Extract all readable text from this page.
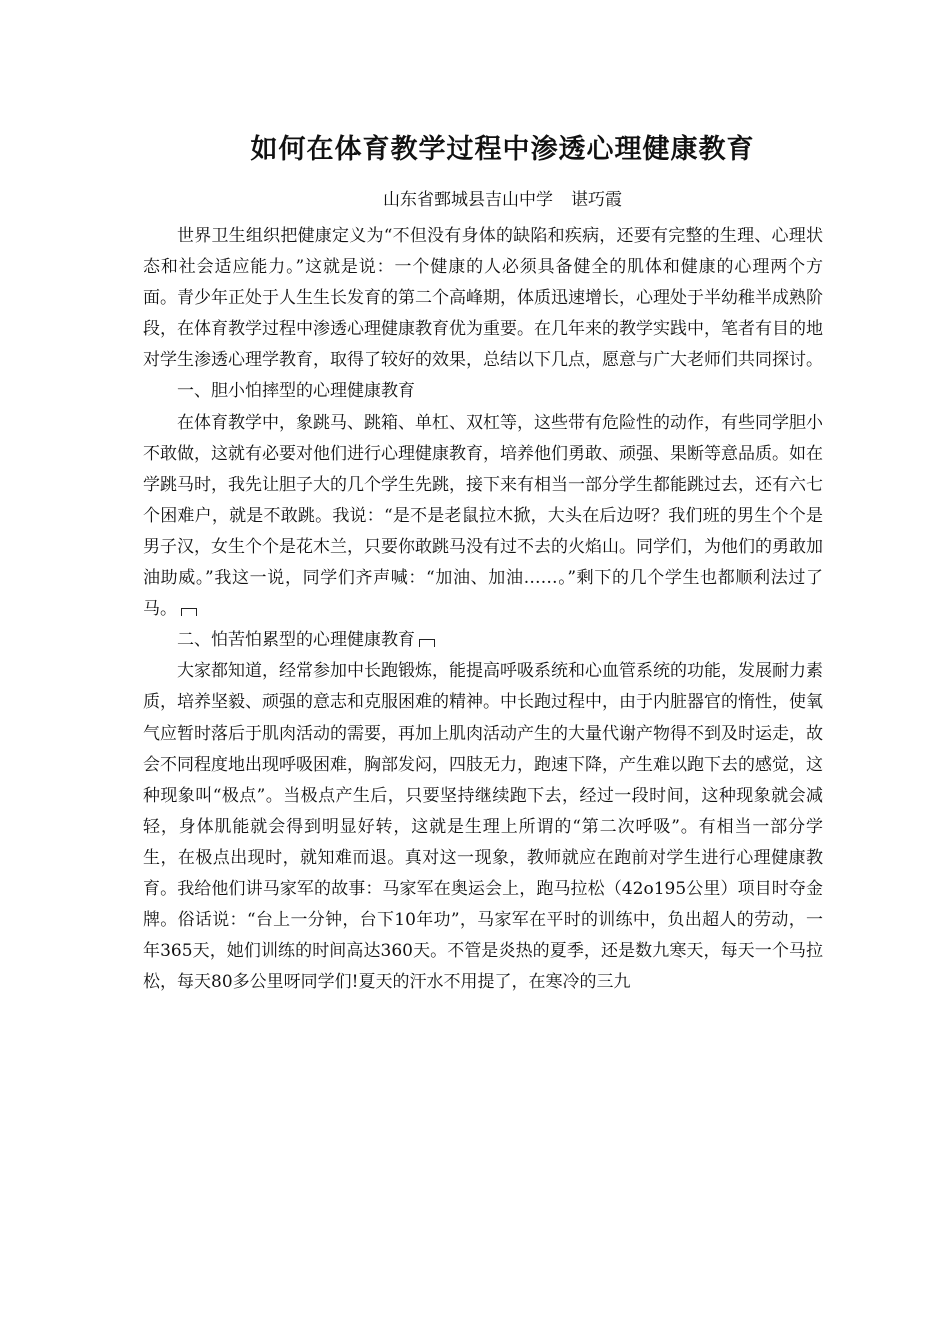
如何在体育教学过程中渗透心理健康教育
山东省鄄城县吉山中学 谌巧霞

世界卫生组织把健康定义为“不但没有身体的缺陷和疾病，还要有完整的生理、心理状态和社会适应能力。”这就是说：一个健康的人必须具备健全的肌体和健康的心理两个方面。青少年正处于人生生长发育的第二个高峰期，体质迅速增长，心理处于半幼稚半成熟阶段，在体育教学过程中渗透心理健康教育优为重要。在几年来的教学实践中，笔者有目的地对学生渗透心理学教育，取得了较好的效果，总结以下几点，愿意与广大老师们共同探讨。

一、胆小怕摔型的心理健康教育

在体育教学中，象跳马、跳箱、单杠、双杠等，这些带有危险性的动作，有些同学胆小不敢做，这就有必要对他们进行心理健康教育，培养他们勇敢、顽强、果断等意品质。如在学跳马时，我先让胆子大的几个学生先跳，接下来有相当一部分学生都能跳过去，还有六七个困难户，就是不敢跳。我说：“是不是老鼠拉木掀，大头在后边呀？我们班的男生个个是男子汉，女生个个是花木兰，只要你敢跳马没有过不去的火焰山。同学们，为他们的勇敢加油助威。”我这一说，同学们齐声喊：“加油、加油……。”剩下的几个学生也都顺利法过了马。

二、怕苦怕累型的心理健康教育

大家都知道，经常参加中长跑锻炼，能提高呼吸系统和心血管系统的功能，发展耐力素质，培养坚毅、顽强的意志和克服困难的精神。中长跑过程中，由于内脏器官的惰性，使氧气应暂时落后于肌肉活动的需要，再加上肌肉活动产生的大量代谢产物得不到及时运走，故会不同程度地出现呼吸困难，胸部发闷，四肢无力，跑速下降，产生难以跑下去的感觉，这种现象叫“极点”。当极点产生后，只要坚持继续跑下去，经过一段时间，这种现象就会减轻，身体肌能就会得到明显好转，这就是生理上所谓的“第二次呼吸”。有相当一部分学生，在极点出现时，就知难而退。真对这一现象，教师就应在跑前对学生进行心理健康教育。我给他们讲马家军的故事：马家军在奥运会上，跑马拉松（42o195公里）项目时夺金牌。俗话说：“台上一分钟，台下10年功”，马家军在平时的训练中，负出超人的劳动，一年365天，她们训练的时间高达360天。不管是炎热的夏季，还是数九寒天，每天一个马拉松，每天80多公里呀同学们!夏天的汗水不用提了，在寒冷的三九
